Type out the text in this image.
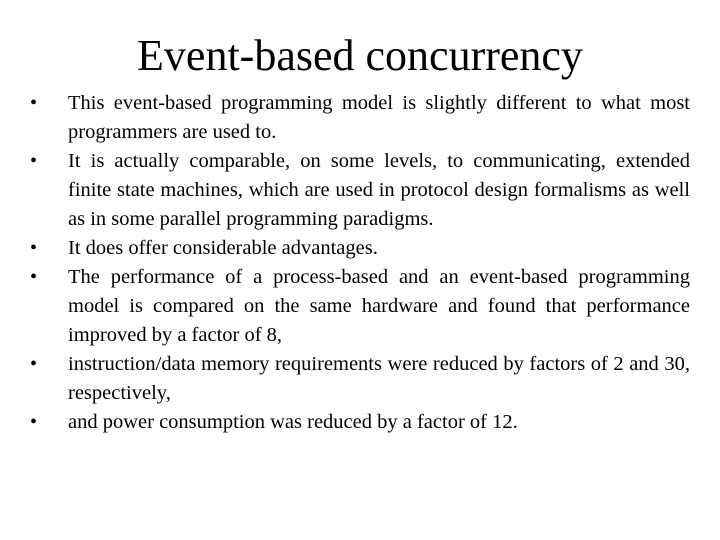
Event-based concurrency
•	This event-based programming model is slightly different to what most programmers are used to.
•	It is actually comparable, on some levels, to communicating, extended finite state machines, which are used in protocol design formalisms as well as in some parallel programming paradigms.
•	It does offer considerable advantages.
•	The performance of a process-based and an event-based programming model is compared on the same hardware and found that performance improved by a factor of 8,
•	instruction/data memory requirements were reduced by factors of 2 and 30, respectively,
•	and power consumption was reduced by a factor of 12.
